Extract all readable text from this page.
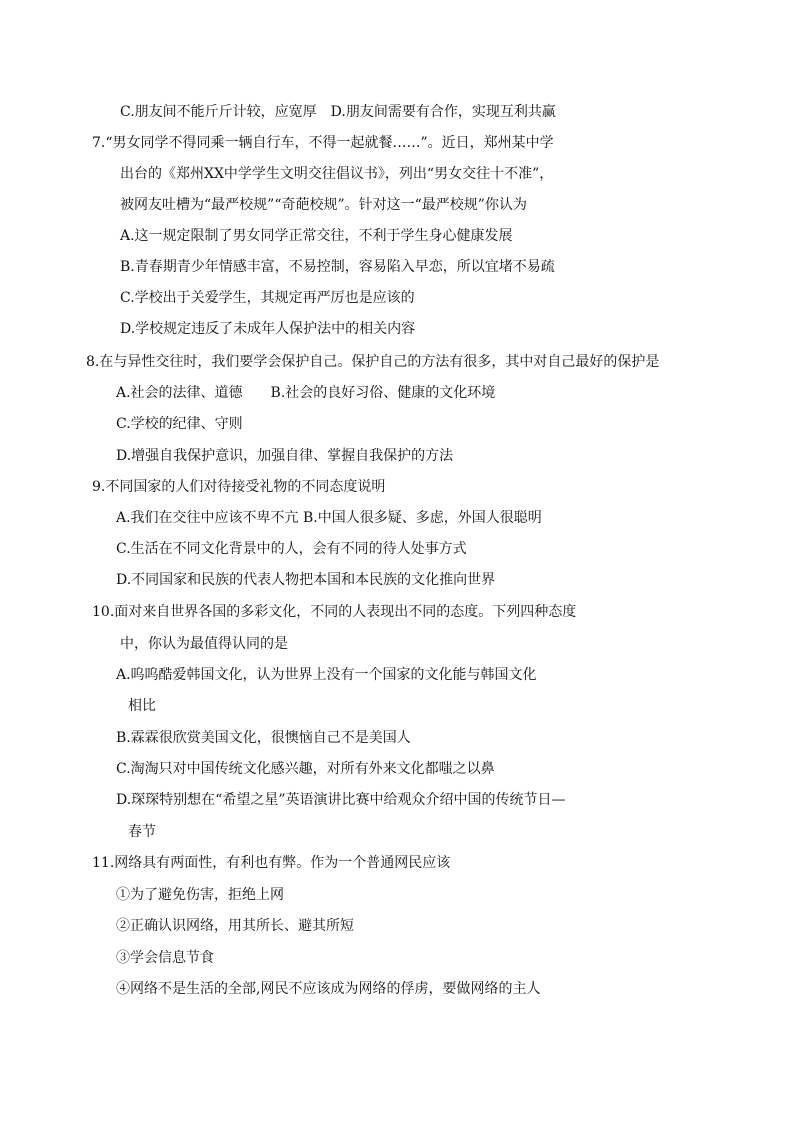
C.朋友间不能斤斤计较，应宽厚　D.朋友间需要有合作，实现互利共赢
7.“男女同学不得同乘一辆自行车，不得一起就餐……”。近日，郑州某中学
出台的《郑州XX中学学生文明交往倡议书》，列出“男女交往十不准”，
被网友吐槽为“最严校规”“奇葩校规”。针对这一“最严校规”你认为
A.这一规定限制了男女同学正常交往，不利于学生身心健康发展
B.青春期青少年情感丰富，不易控制，容易陷入早恋，所以宜堵不易疏
C.学校出于关爱学生，其规定再严厉也是应该的
D.学校规定违反了未成年人保护法中的相关内容
8.在与异性交往时，我们要学会保护自己。保护自己的方法有很多，其中对自己最好的保护是
A.社会的法律、道德　　B.社会的良好习俗、健康的文化环境
C.学校的纪律、守则
D.增强自我保护意识，加强自律、掌握自我保护的方法
9.不同国家的人们对待接受礼物的不同态度说明
A.我们在交往中应该不卑不亢 B.中国人很多疑、多虑，外国人很聪明
C.生活在不同文化背景中的人，会有不同的待人处事方式
D.不同国家和民族的代表人物把本国和本民族的文化推向世界
10.面对来自世界各国的多彩文化，不同的人表现出不同的态度。下列四种态度
中，你认为最值得认同的是
A.呜呜酷爱韩国文化，认为世界上没有一个国家的文化能与韩国文化
相比
B.霖霖很欣赏美国文化，很懊恼自己不是美国人
C.淘淘只对中国传统文化感兴趣，对所有外来文化都嗤之以鼻
D.琛琛特别想在“希望之星”英语演讲比赛中给观众介绍中国的传统节日—
春节
11.网络具有两面性，有利也有弊。作为一个普通网民应该
①为了避免伤害，拒绝上网
②正确认识网络，用其所长、避其所短
③学会信息节食
④网络不是生活的全部,网民不应该成为网络的俘虏，要做网络的主人
